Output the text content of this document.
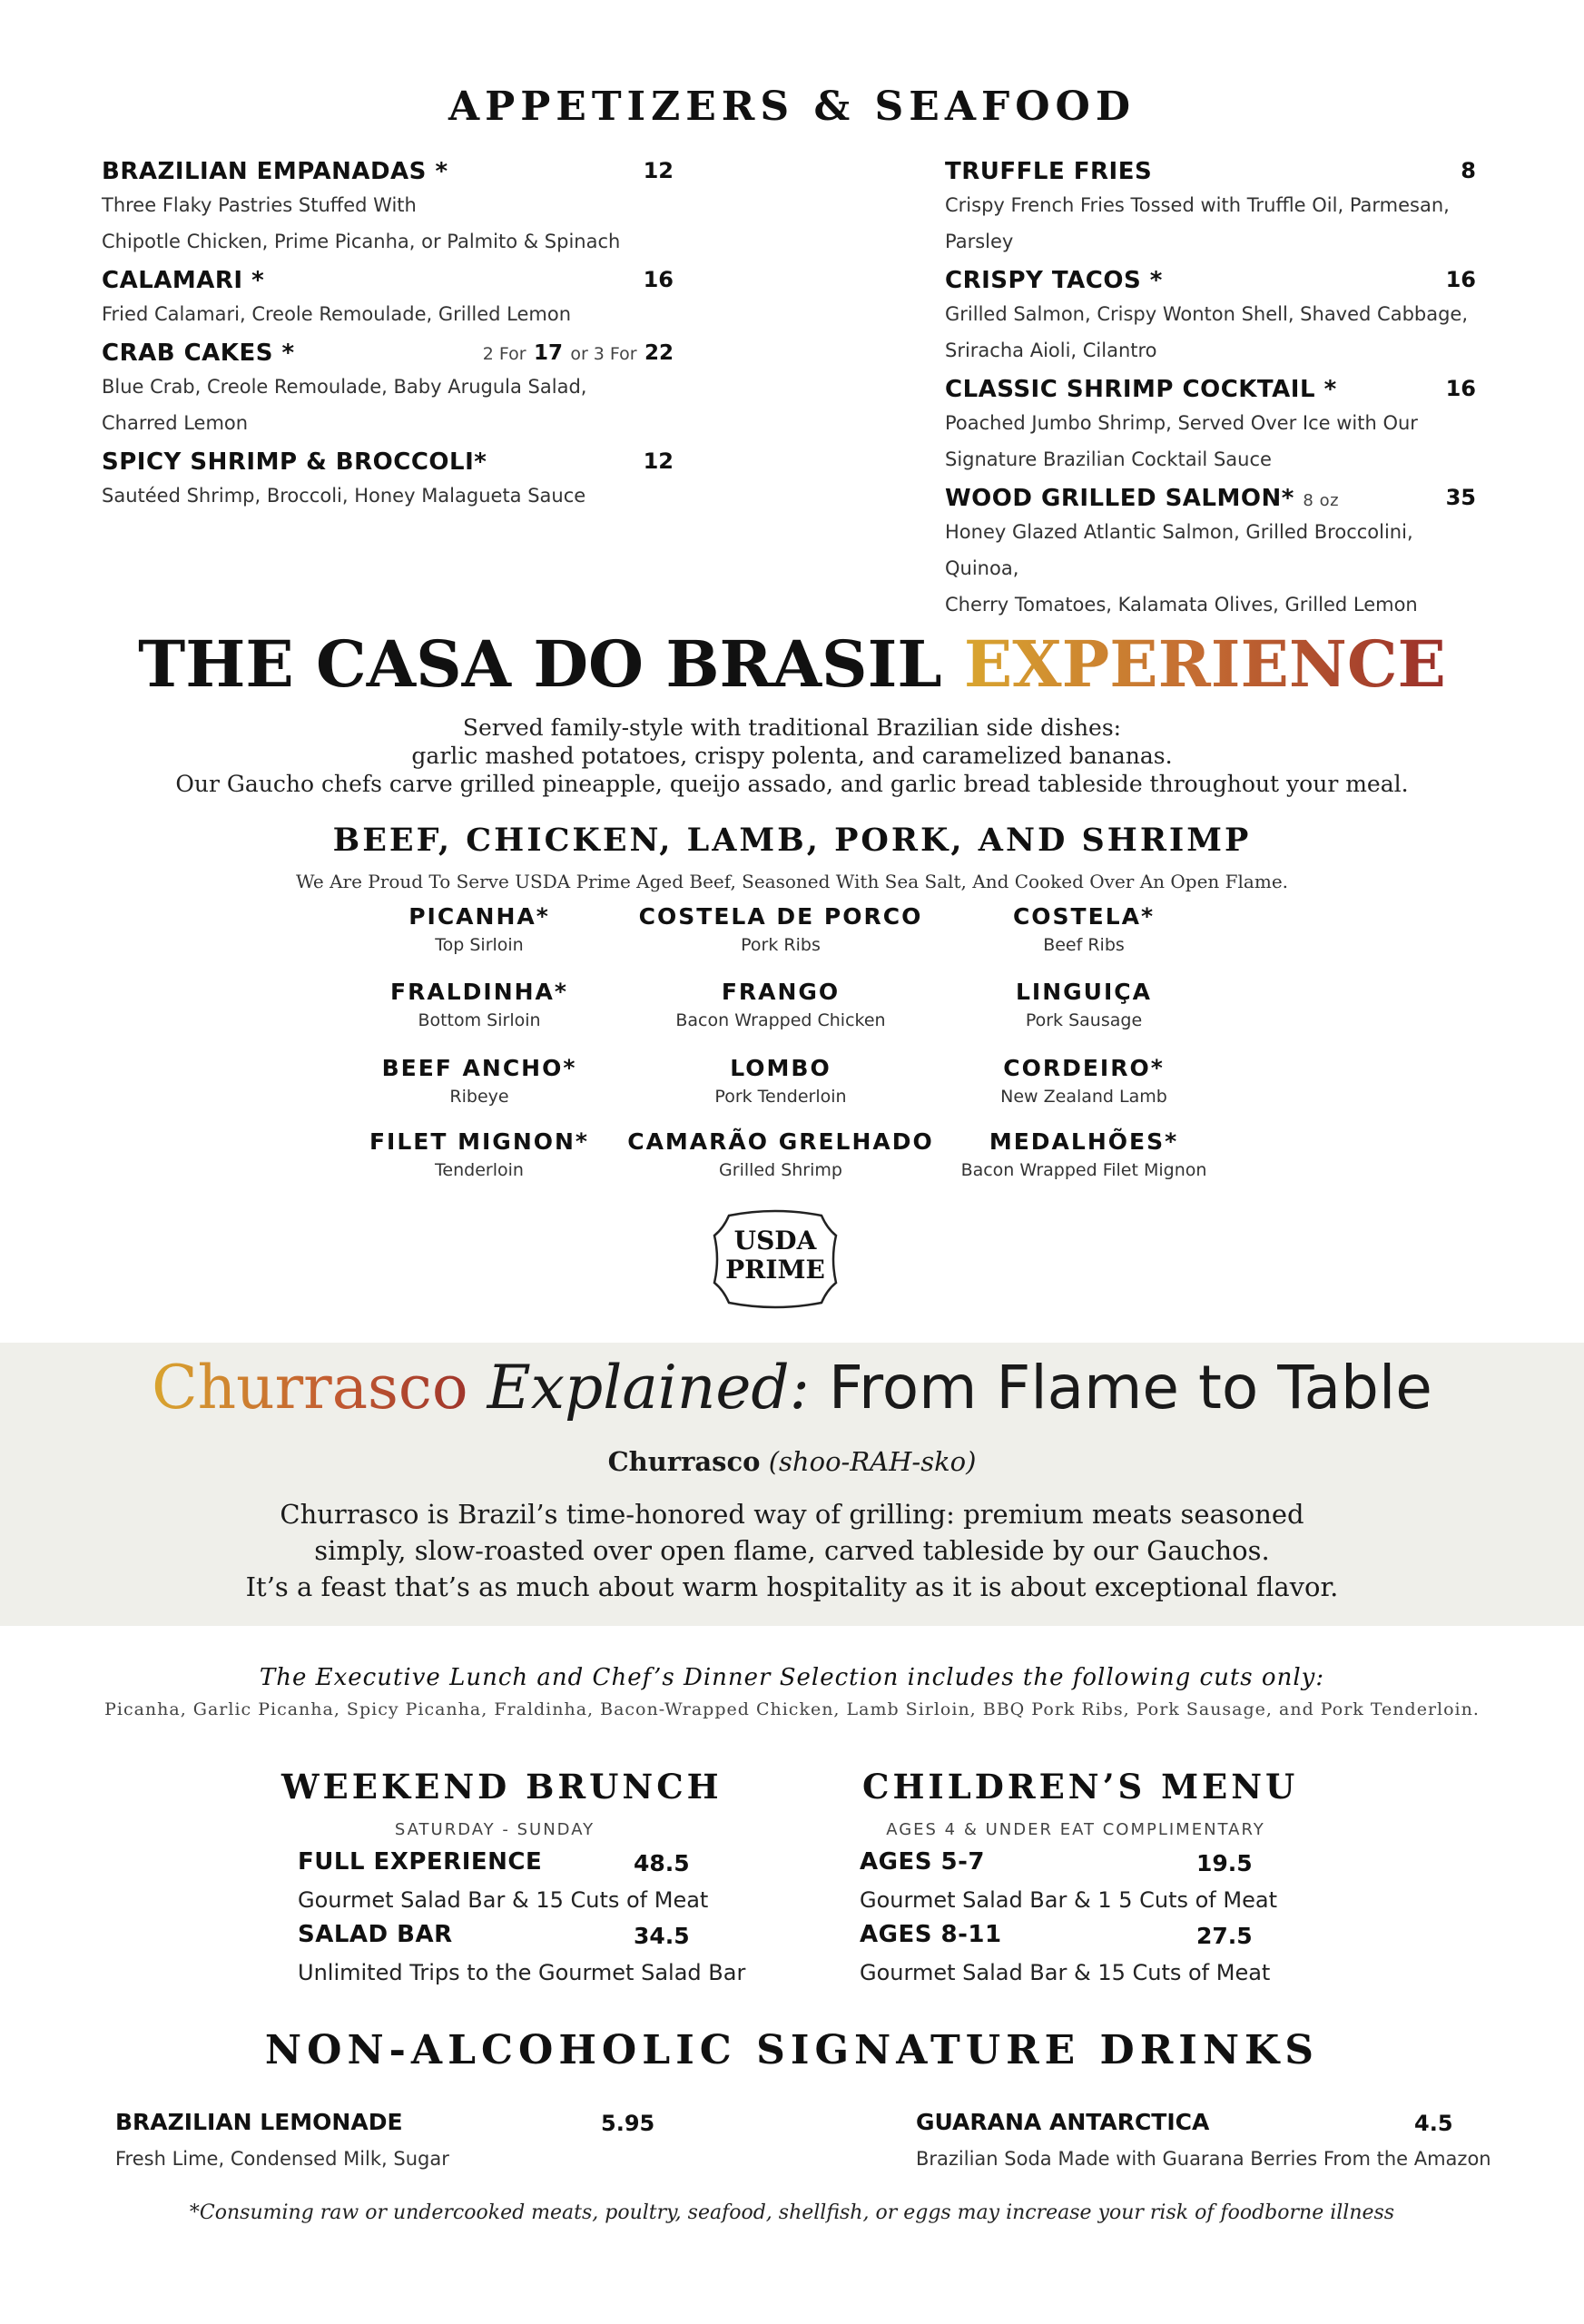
APPETIZERS & SEAFOOD
BRAZILIAN EMPANADAS *	12
Three Flaky Pastries Stuffed With
Chipotle Chicken, Prime Picanha, or Palmito & Spinach
CALAMARI *	16
Fried Calamari, Creole Remoulade, Grilled Lemon
CRAB CAKES *	2 For 17 or 3 For 22
Blue Crab, Creole Remoulade, Baby Arugula Salad,
Charred Lemon
SPICY SHRIMP & BROCCOLI*	12
Sautéed Shrimp, Broccoli, Honey Malagueta Sauce
TRUFFLE FRIES	8
Crispy French Fries Tossed with Truffle Oil, Parmesan,
Parsley
CRISPY TACOS *	16
Grilled Salmon, Crispy Wonton Shell, Shaved Cabbage,
Sriracha Aioli, Cilantro
CLASSIC SHRIMP COCKTAIL *	16
Poached Jumbo Shrimp, Served Over Ice with Our
Signature Brazilian Cocktail Sauce
WOOD GRILLED SALMON* 8 oz	35
Honey Glazed Atlantic Salmon, Grilled Broccolini, Quinoa,
Cherry Tomatoes, Kalamata Olives, Grilled Lemon
THE CASA DO BRASIL EXPERIENCE
Served family-style with traditional Brazilian side dishes:
garlic mashed potatoes, crispy polenta, and caramelized bananas.
Our Gaucho chefs carve grilled pineapple, queijo assado, and garlic bread tableside throughout your meal.
BEEF, CHICKEN, LAMB, PORK, AND SHRIMP
We Are Proud To Serve USDA Prime Aged Beef, Seasoned With Sea Salt, And Cooked Over An Open Flame.
PICANHA*
Top Sirloin
COSTELA DE PORCO
Pork Ribs
COSTELA*
Beef Ribs
FRALDINHA*
Bottom Sirloin
FRANGO
Bacon Wrapped Chicken
LINGUIÇA
Pork Sausage
BEEF ANCHO*
Ribeye
LOMBO
Pork Tenderloin
CORDEIRO*
New Zealand Lamb
FILET MIGNON*
Tenderloin
CAMARÃO GRELHADO
Grilled Shrimp
MEDALHÕES*
Bacon Wrapped Filet Mignon
USDA
PRIME
Churrasco Explained: From Flame to Table
Churrasco (shoo-RAH-sko)
Churrasco is Brazil’s time-honored way of grilling: premium meats seasoned
simply, slow-roasted over open flame, carved tableside by our Gauchos.
It’s a feast that’s as much about warm hospitality as it is about exceptional flavor.
The Executive Lunch and Chef’s Dinner Selection includes the following cuts only:
Picanha, Garlic Picanha, Spicy Picanha, Fraldinha, Bacon-Wrapped Chicken, Lamb Sirloin, BBQ Pork Ribs, Pork Sausage, and Pork Tenderloin.
WEEKEND BRUNCH
SATURDAY - SUNDAY
FULL EXPERIENCE	48.5
Gourmet Salad Bar & 15 Cuts of Meat
SALAD BAR	34.5
Unlimited Trips to the Gourmet Salad Bar
CHILDREN’S MENU
AGES 4 & UNDER EAT COMPLIMENTARY
AGES 5-7	19.5
Gourmet Salad Bar & 1 5 Cuts of Meat
AGES 8-11	27.5
Gourmet Salad Bar & 15 Cuts of Meat
NON-ALCOHOLIC SIGNATURE DRINKS
BRAZILIAN LEMONADE	5.95
Fresh Lime, Condensed Milk, Sugar
GUARANA ANTARCTICA	4.5
Brazilian Soda Made with Guarana Berries From the Amazon
*Consuming raw or undercooked meats, poultry, seafood, shellfish, or eggs may increase your risk of foodborne illness
